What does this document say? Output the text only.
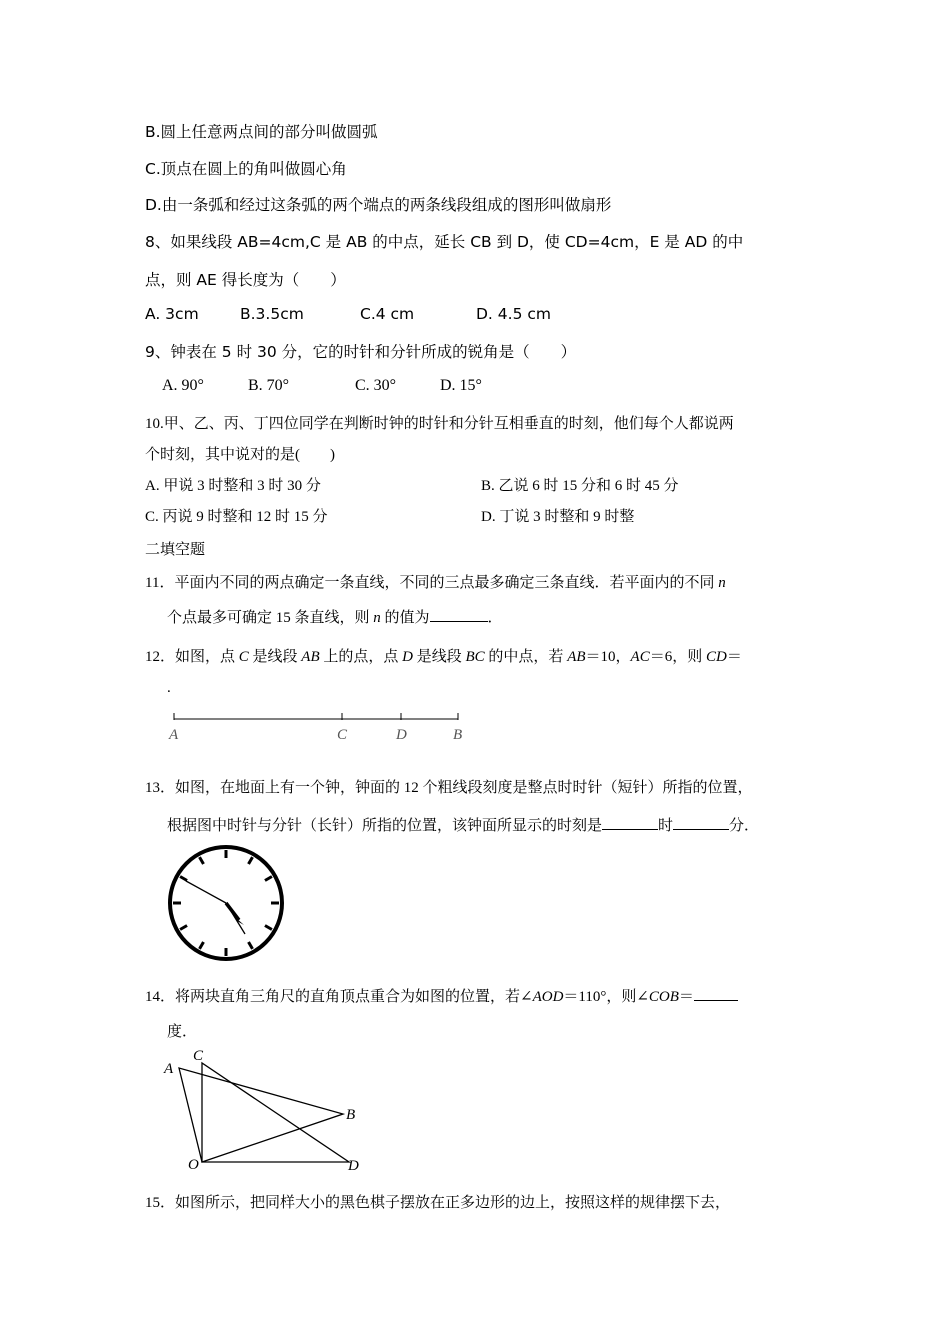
B.圆上任意两点间的部分叫做圆弧
C.顶点在圆上的角叫做圆心角
D.由一条弧和经过这条弧的两个端点的两条线段组成的图形叫做扇形
8、如果线段 AB=4cm,C 是 AB 的中点，延长 CB 到 D，使 CD=4cm，E 是 AD 的中
点，则 AE 得长度为（　　）
A. 3cm	B.3.5cm	C.4 cm	D. 4.5 cm
9、钟表在 5 时 30 分，它的时针和分针所成的锐角是（　　）
A. 90°	B. 70°	C. 30°	D. 15°
10.甲、乙、丙、丁四位同学在判断时钟的时针和分针互相垂直的时刻，他们每个人都说两
个时刻，其中说对的是(　　)
A. 甲说 3 时整和 3 时 30 分	B. 乙说 6 时 15 分和 6 时 45 分
C. 丙说 9 时整和 12 时 15 分	D. 丁说 3 时整和 9 时整
二填空题
11．平面内不同的两点确定一条直线，不同的三点最多确定三条直线．若平面内的不同 n
个点最多可确定 15 条直线，则 n 的值为	．
12．如图，点 C 是线段 AB 上的点，点 D 是线段 BC 的中点，若 AB＝10，AC＝6，则 CD＝
.
A	C	D	B
13．如图，在地面上有一个钟，钟面的 12 个粗线段刻度是整点时时针（短针）所指的位置，
根据图中时针与分针（长针）所指的位置，该钟面所显示的时刻是	时	分．
14．将两块直角三角尺的直角顶点重合为如图的位置，若∠AOD＝110°，则∠COB＝
度．
C
A
B
O	D
15．如图所示，把同样大小的黑色棋子摆放在正多边形的边上，按照这样的规律摆下去，
